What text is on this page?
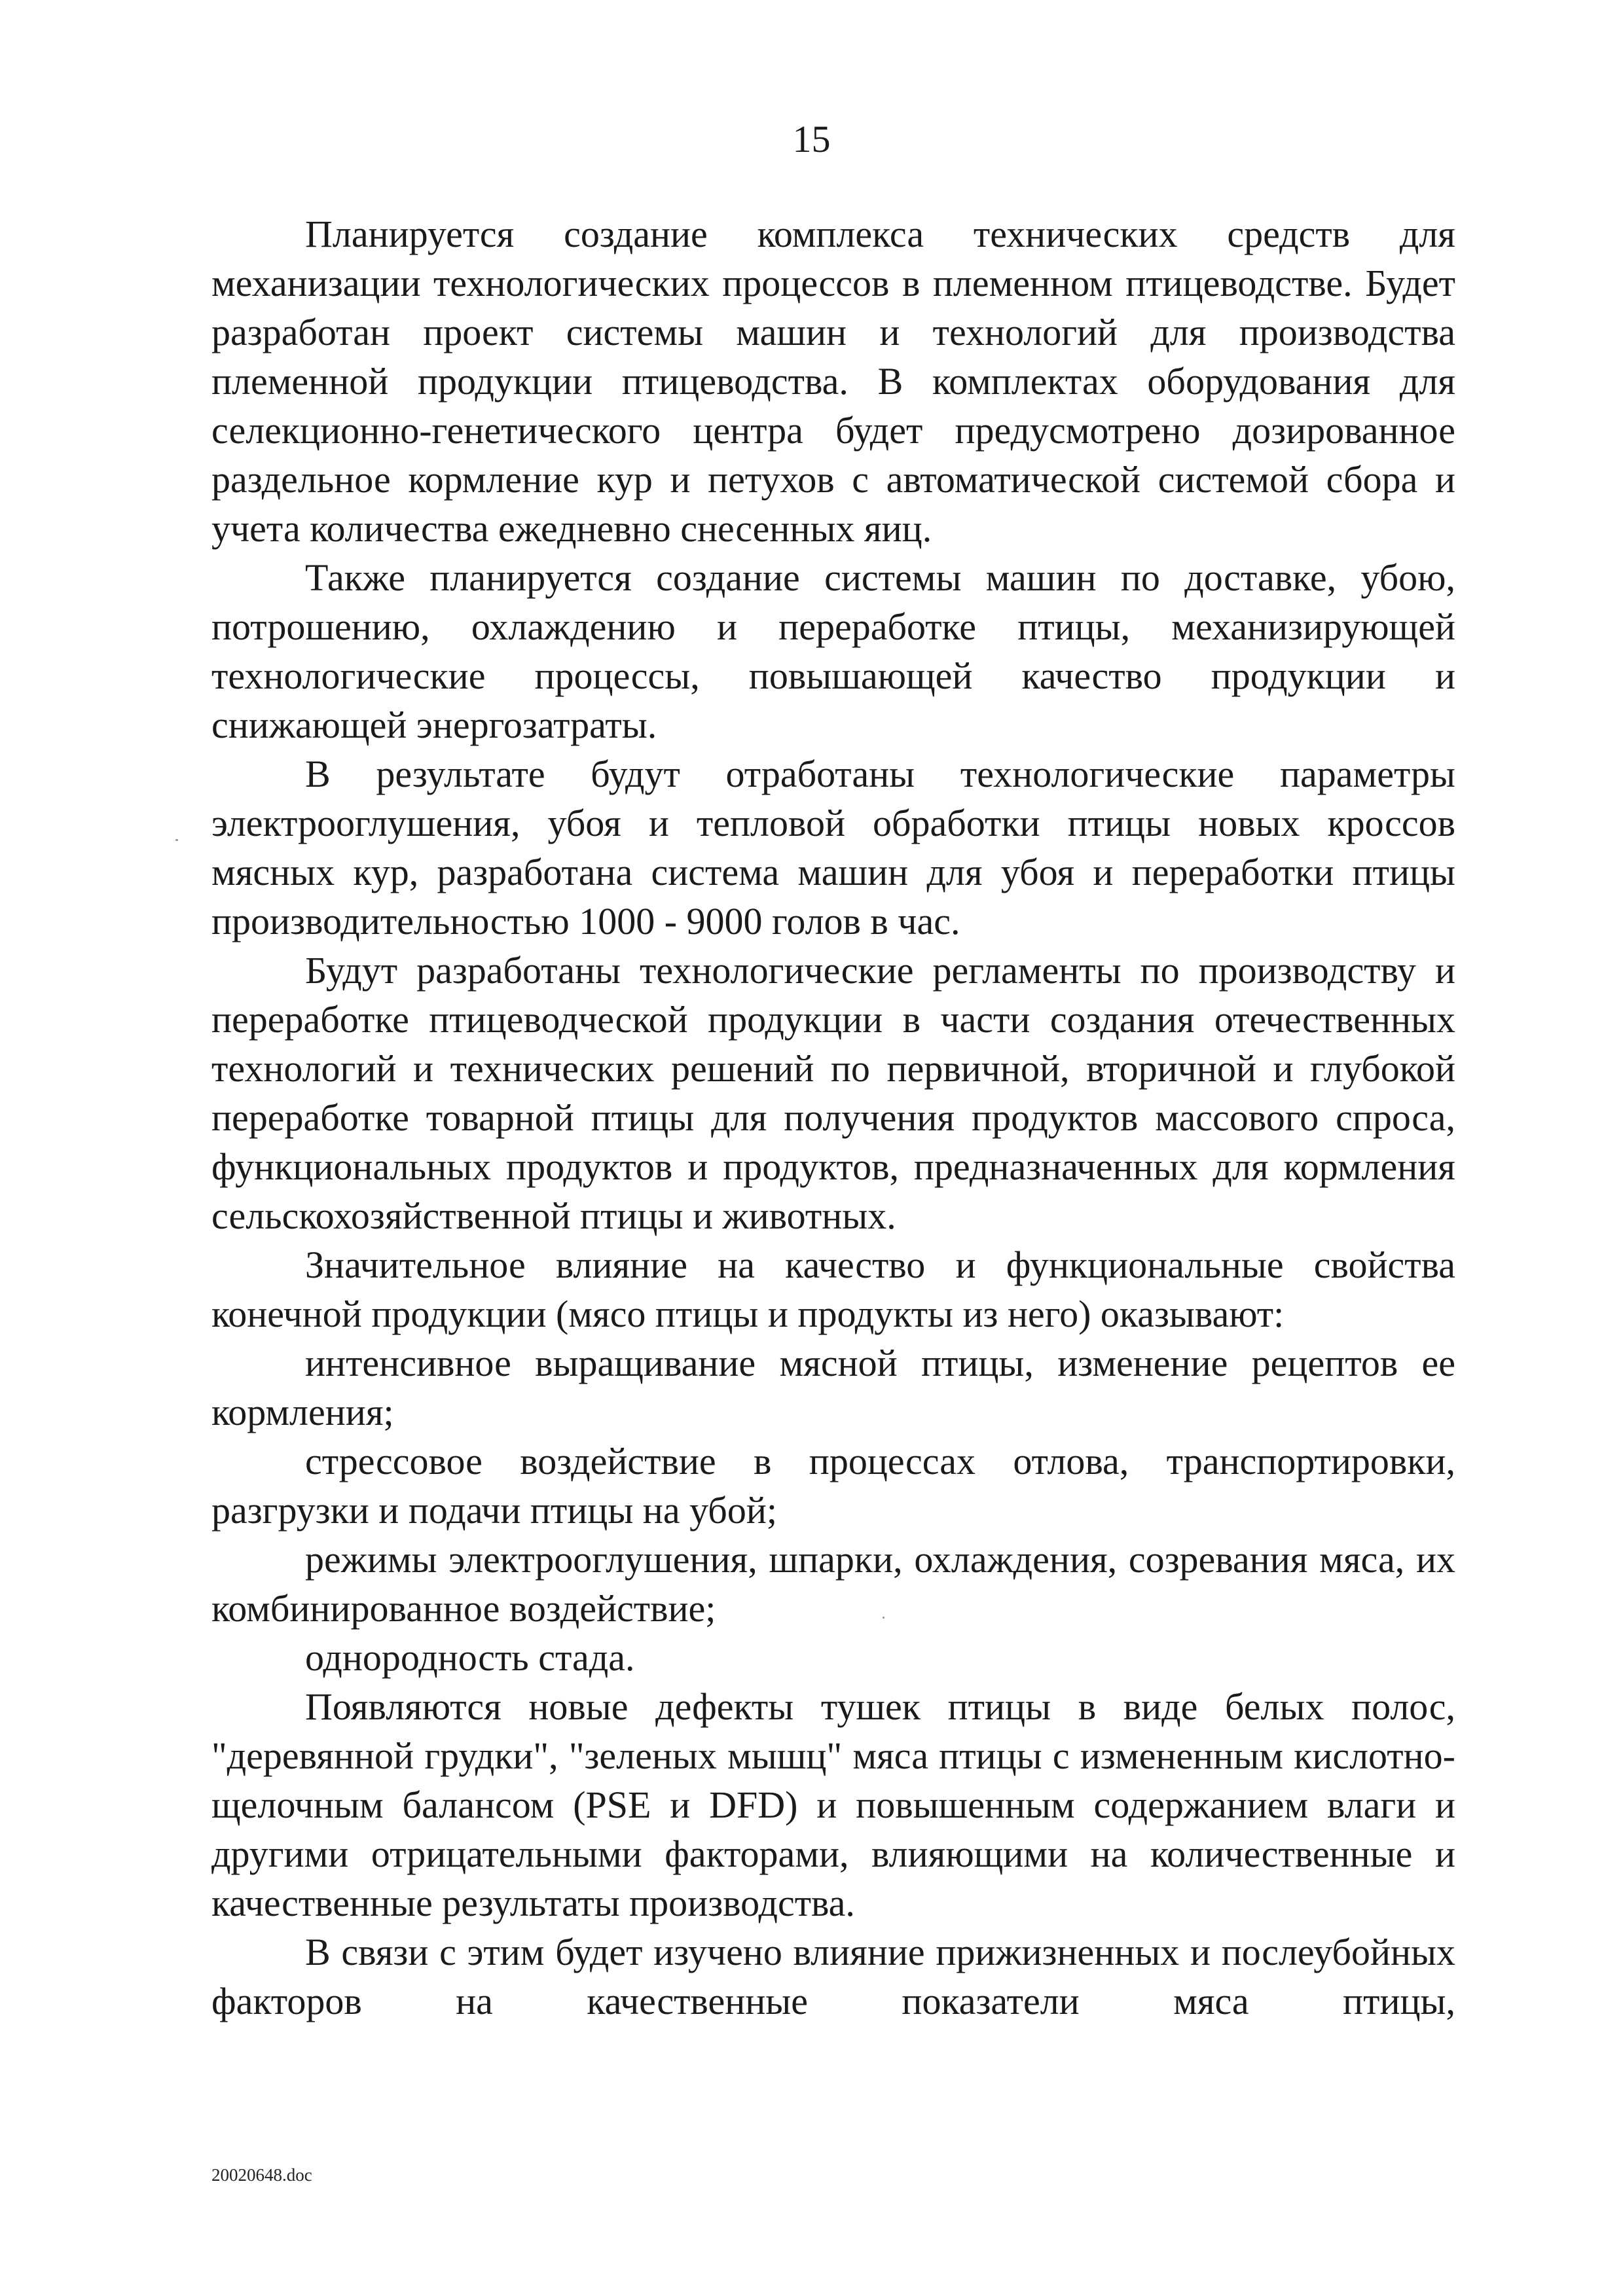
15

Планируется создание комплекса технических средств для механизации технологических процессов в племенном птицеводстве. Будет разработан проект системы машин и технологий для производства племенной продукции птицеводства. В комплектах оборудования для селекционно-генетического центра будет предусмотрено дозированное раздельное кормление кур и петухов с автоматической системой сбора и учета количества ежедневно снесенных яиц.

Также планируется создание системы машин по доставке, убою, потрошению, охлаждению и переработке птицы, механизирующей технологические процессы, повышающей качество продукции и снижающей энергозатраты.

В результате будут отработаны технологические параметры электрооглушения, убоя и тепловой обработки птицы новых кроссов мясных кур, разработана система машин для убоя и переработки птицы производительностью 1000 - 9000 голов в час.

Будут разработаны технологические регламенты по производству и переработке птицеводческой продукции в части создания отечественных технологий и технических решений по первичной, вторичной и глубокой переработке товарной птицы для получения продуктов массового спроса, функциональных продуктов и продуктов, предназначенных для кормления сельскохозяйственной птицы и животных.

Значительное влияние на качество и функциональные свойства конечной продукции (мясо птицы и продукты из него) оказывают:

интенсивное выращивание мясной птицы, изменение рецептов ее кормления;

стрессовое воздействие в процессах отлова, транспортировки, разгрузки и подачи птицы на убой;

режимы электрооглушения, шпарки, охлаждения, созревания мяса, их комбинированное воздействие;

однородность стада.

Появляются новые дефекты тушек птицы в виде белых полос, "деревянной грудки", "зеленых мышц" мяса птицы с измененным кислотно-щелочным балансом (PSE и DFD) и повышенным содержанием влаги и другими отрицательными факторами, влияющими на количественные и качественные результаты производства.

В связи с этим будет изучено влияние прижизненных и послеубойных факторов на качественные показатели мяса птицы,

20020648.doc
